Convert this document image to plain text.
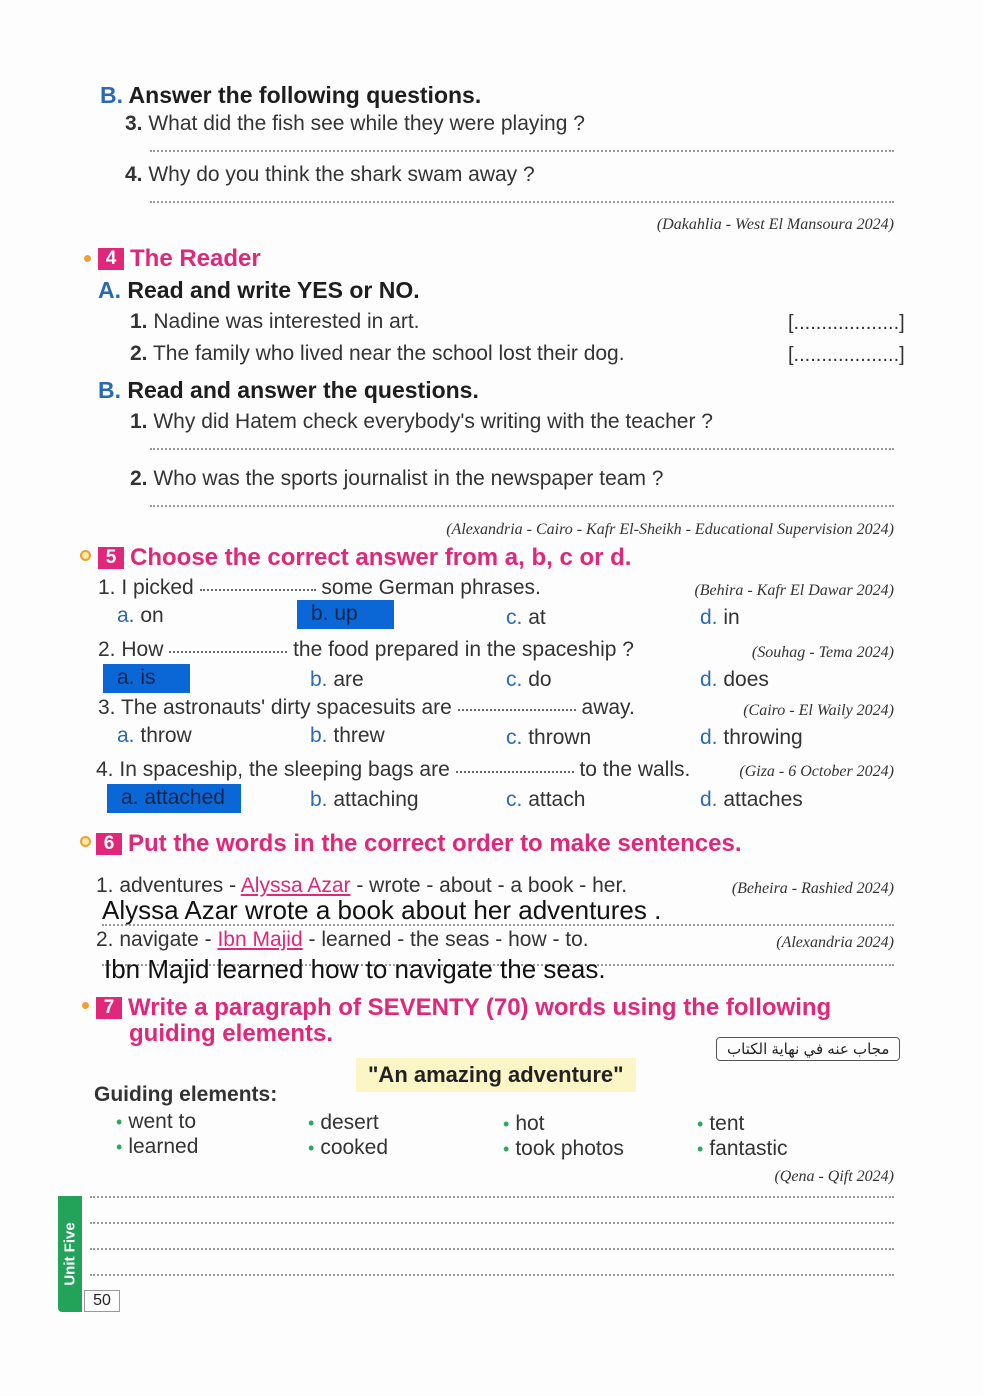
B. Answer the following questions.
3. What did the fish see while they were playing ?
4. Why do you think the shark swam away ?
(Dakahlia - West El Mansoura 2024)
4 The Reader
A. Read and write YES or NO.
1. Nadine was interested in art.	[...................]
2. The family who lived near the school lost their dog.	[...................]
B. Read and answer the questions.
1. Why did Hatem check everybody's writing with the teacher ?
2. Who was the sports journalist in the newspaper team ?
(Alexandria - Cairo - Kafr El-Sheikh - Educational Supervision 2024)
5 Choose the correct answer from a, b, c or d.
1. I picked	some German phrases.	(Behira - Kafr El Dawar 2024)
a. on	b. up	c. at	d. in
2. How	the food prepared in the spaceship ?	(Souhag - Tema 2024)
a. is	b. are	c. do	d. does
3. The astronauts' dirty spacesuits are	away.	(Cairo - El Waily 2024)
a. throw	b. threw	c. thrown	d. throwing
4. In spaceship, the sleeping bags are	to the walls.	(Giza - 6 October 2024)
a. attached	b. attaching	c. attach	d. attaches
6 Put the words in the correct order to make sentences.
1. adventures - Alyssa Azar - wrote - about - a book - her.	(Beheira - Rashied 2024)
Alyssa Azar wrote a book about her adventures .
2. navigate - Ibn Majid - learned - the seas - how - to.	(Alexandria 2024)
Ibn Majid learned how to navigate the seas.
7 Write a paragraph of SEVENTY (70) words using the following
guiding elements.
مجاب عنه في نهاية الكتاب
"An amazing adventure"
Guiding elements:
• went to	• desert	• hot	• tent
• learned	• cooked	• took photos	• fantastic
(Qena - Qift 2024)
Unit Five
50
